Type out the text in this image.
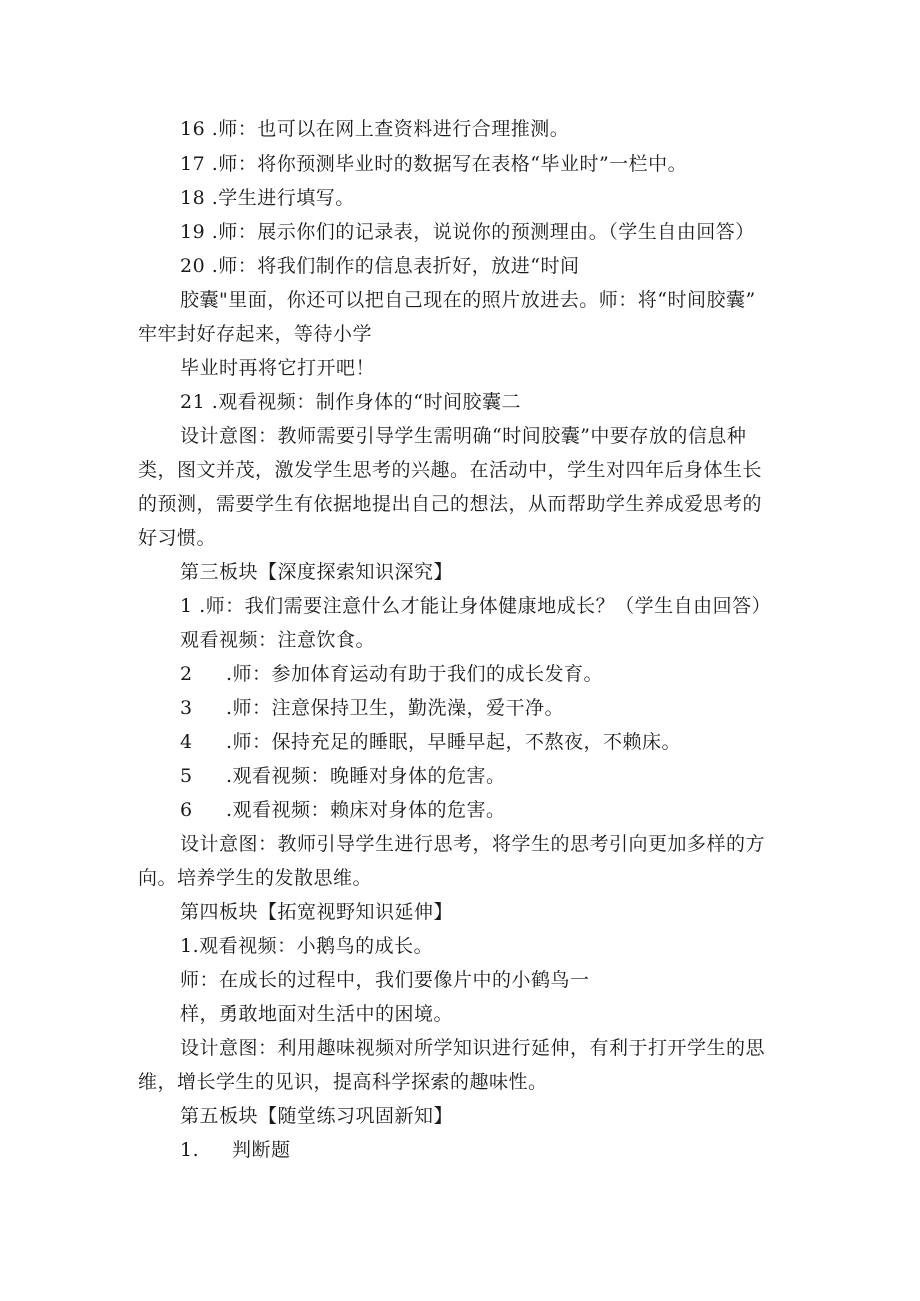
16 .师：也可以在网上查资料进行合理推测。
17 .师：将你预测毕业时的数据写在表格“毕业时”一栏中。
18 .学生进行填写。
19 .师：展示你们的记录表，说说你的预测理由。（学生自由回答）
20 .师：将我们制作的信息表折好，放进“时间
胶囊"里面，你还可以把自己现在的照片放进去。师：将“时间胶囊”
牢牢封好存起来，等待小学
毕业时再将它打开吧！
21 .观看视频：制作身体的“时间胶囊二
设计意图：教师需要引导学生需明确“时间胶囊”中要存放的信息种
类，图文并茂，激发学生思考的兴趣。在活动中，学生对四年后身体生长
的预测，需要学生有依据地提出自己的想法，从而帮助学生养成爱思考的
好习惯。
第三板块【深度探索知识深究】
1 .师：我们需要注意什么才能让身体健康地成长？（学生自由回答）
观看视频：注意饮食。
2 .师：参加体育运动有助于我们的成长发育。
3 .师：注意保持卫生，勤洗澡，爱干净。
4 .师：保持充足的睡眠，早睡早起，不熬夜，不赖床。
5 .观看视频：晚睡对身体的危害。
6 .观看视频：赖床对身体的危害。
设计意图：教师引导学生进行思考，将学生的思考引向更加多样的方
向。培养学生的发散思维。
第四板块【拓宽视野知识延伸】
1.观看视频：小鹅鸟的成长。
师：在成长的过程中，我们要像片中的小鹤鸟一
样，勇敢地面对生活中的困境。
设计意图：利用趣味视频对所学知识进行延伸，有利于打开学生的思
维，增长学生的见识，提高科学探索的趣味性。
第五板块【随堂练习巩固新知】
1. 判断题
